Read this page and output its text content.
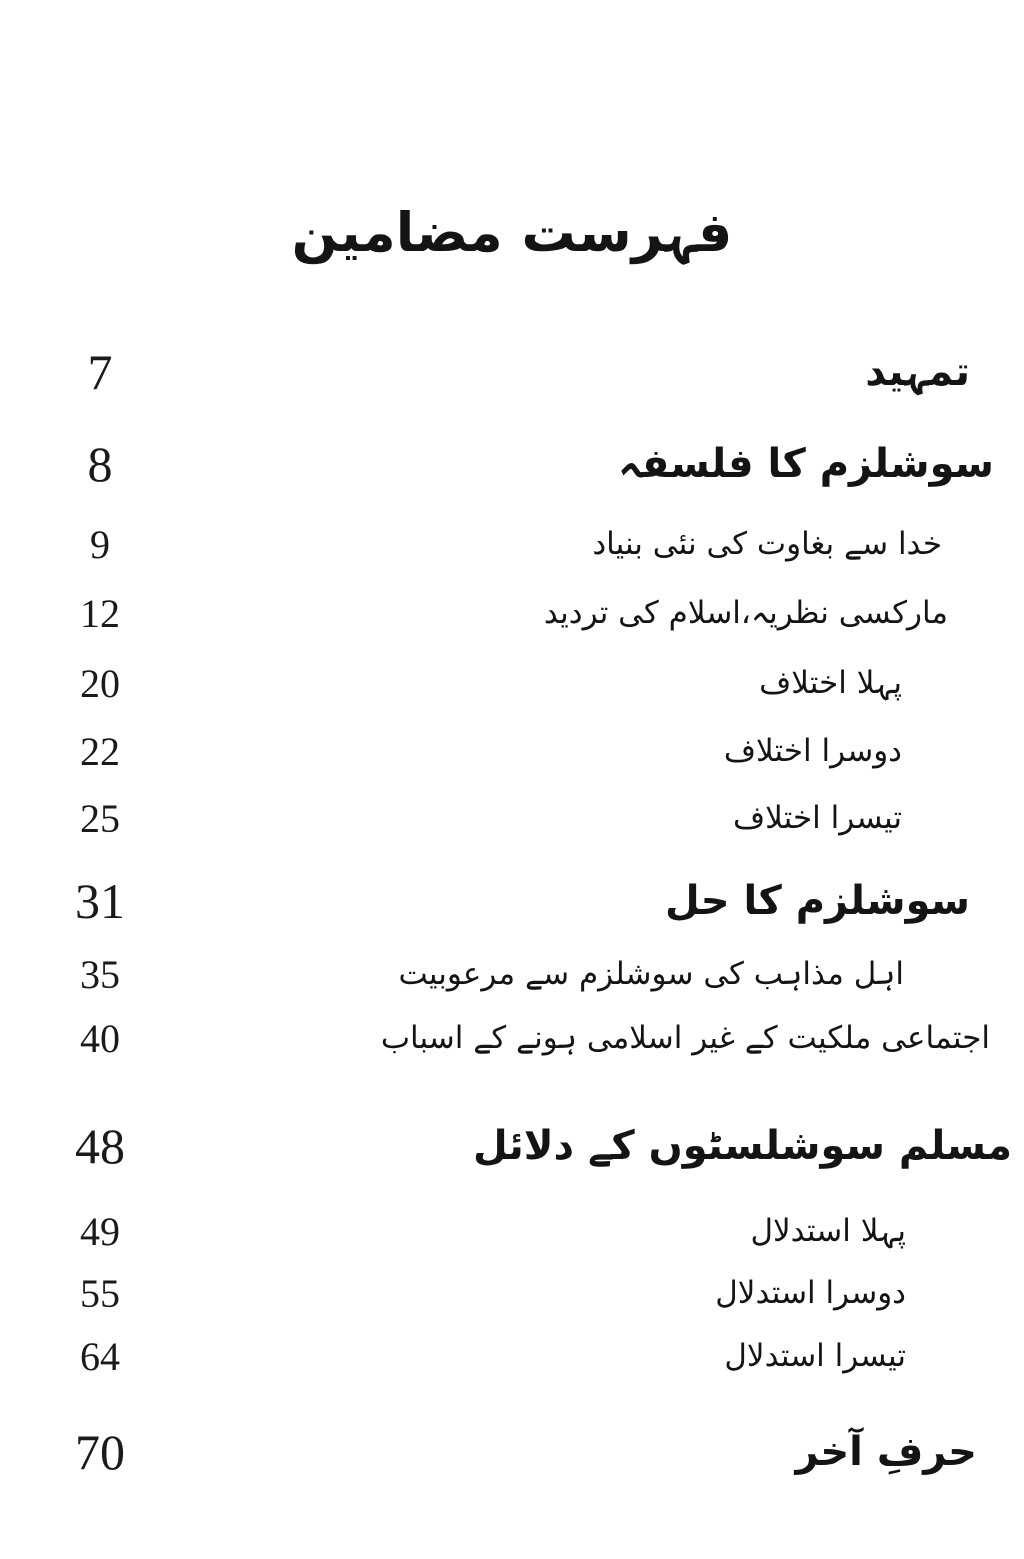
فہرست مضامین
7	تمہید
8	سوشلزم کا فلسفہ
9	خدا سے بغاوت کی نئی بنیاد
12	مارکسی نظریہ،اسلام کی تردید
20	پہلا اختلاف
22	دوسرا اختلاف
25	تیسرا اختلاف
31	سوشلزم کا حل
35	اہل مذاہب کی سوشلزم سے مرعوبیت
40	اجتماعی ملکیت کے غیر اسلامی ہونے کے اسباب
48	مسلم سوشلسٹوں کے دلائل
49	پہلا استدلال
55	دوسرا استدلال
64	تیسرا استدلال
70	حرفِ آخر
